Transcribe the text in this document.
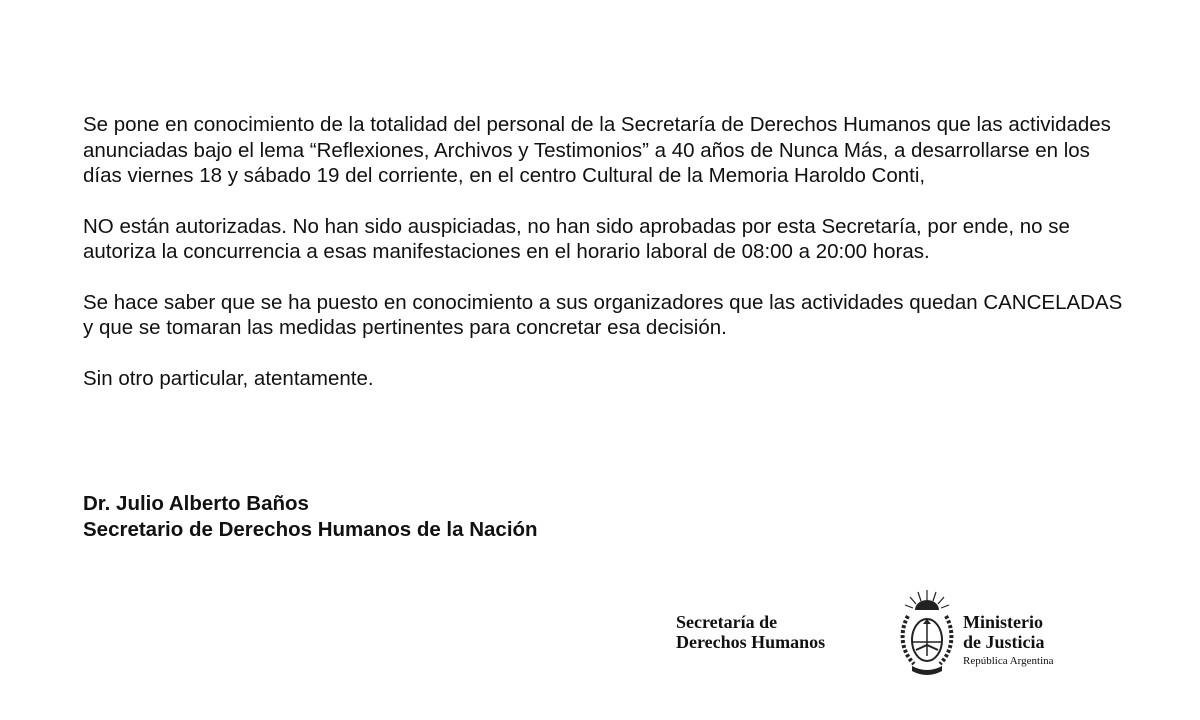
Se pone en conocimiento de la totalidad del personal de la Secretaría de Derechos Humanos que las actividades anunciadas bajo el lema “Reflexiones, Archivos y Testimonios” a 40 años de Nunca Más, a desarrollarse en los días viernes 18 y sábado 19 del corriente, en el centro Cultural de la Memoria Haroldo Conti,

NO están autorizadas. No han sido auspiciadas, no han sido aprobadas por esta Secretaría, por ende, no se autoriza la concurrencia a esas manifestaciones en el horario laboral de 08:00 a 20:00 horas.

Se hace saber que se ha puesto en conocimiento a sus organizadores que las actividades quedan CANCELADAS y que se tomaran las medidas pertinentes para concretar esa decisión.

Sin otro particular, atentamente.

Dr. Julio Alberto Baños
Secretario de Derechos Humanos de la Nación
Secretaría de
Derechos Humanos
Ministerio
de Justicia
República Argentina
